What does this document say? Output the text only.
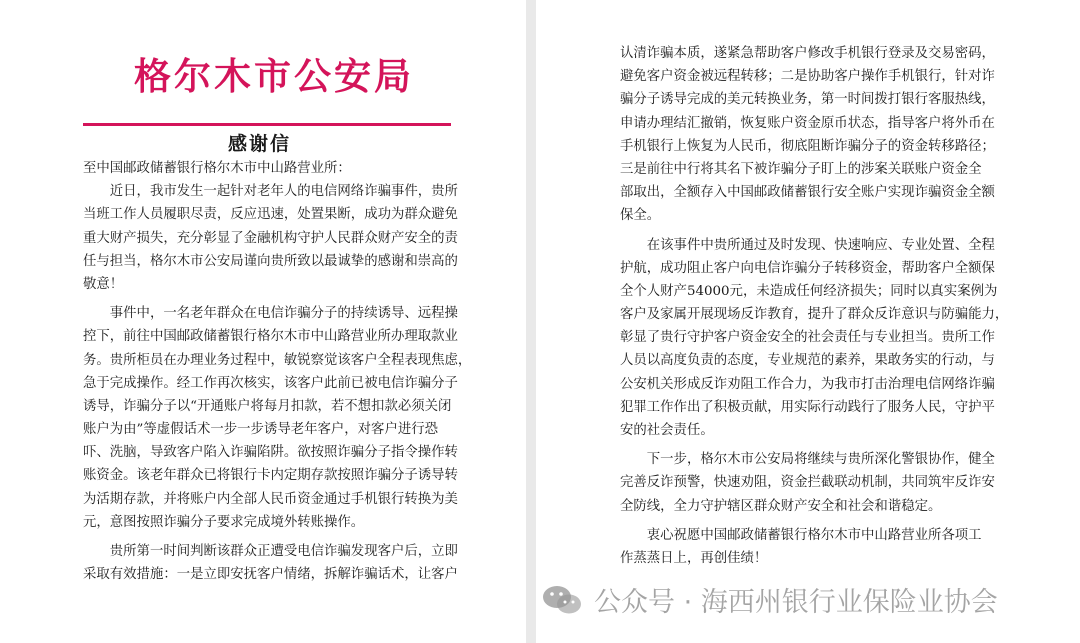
格尔木市公安局
感谢信
至中国邮政储蓄银行格尔木市中山路营业所：
　　近日，我市发生一起针对老年人的电信网络诈骗事件，贵所
当班工作人员履职尽责，反应迅速，处置果断，成功为群众避免
重大财产损失，充分彰显了金融机构守护人民群众财产安全的责
任与担当，格尔木市公安局谨向贵所致以最诚挚的感谢和崇高的
敬意！
　　事件中，一名老年群众在电信诈骗分子的持续诱导、远程操
控下，前往中国邮政储蓄银行格尔木市中山路营业所办理取款业
务。贵所柜员在办理业务过程中，敏锐察觉该客户全程表现焦虑，
急于完成操作。经工作再次核实，该客户此前已被电信诈骗分子
诱导，诈骗分子以“开通账户将每月扣款，若不想扣款必须关闭
账户为由”等虚假话术一步一步诱导老年客户，对客户进行恐
吓、洗脑，导致客户陷入诈骗陷阱。欲按照诈骗分子指令操作转
账资金。该老年群众已将银行卡内定期存款按照诈骗分子诱导转
为活期存款，并将账户内全部人民币资金通过手机银行转换为美
元，意图按照诈骗分子要求完成境外转账操作。
　　贵所第一时间判断该群众正遭受电信诈骗发现客户后，立即
采取有效措施：一是立即安抚客户情绪，拆解诈骗话术，让客户
认清诈骗本质，遂紧急帮助客户修改手机银行登录及交易密码，
避免客户资金被远程转移；二是协助客户操作手机银行，针对诈
骗分子诱导完成的美元转换业务，第一时间拨打银行客服热线，
申请办理结汇撤销，恢复账户资金原币状态，指导客户将外币在
手机银行上恢复为人民币，彻底阻断诈骗分子的资金转移路径；
三是前往中行将其名下被诈骗分子盯上的涉案关联账户资金全
部取出，全额存入中国邮政储蓄银行安全账户实现诈骗资金全额
保全。
　　在该事件中贵所通过及时发现、快速响应、专业处置、全程
护航，成功阻止客户向电信诈骗分子转移资金，帮助客户全额保
全个人财产54000元，未造成任何经济损失；同时以真实案例为
客户及家属开展现场反诈教育，提升了群众反诈意识与防骗能力，
彰显了贵行守护客户资金安全的社会责任与专业担当。贵所工作
人员以高度负责的态度，专业规范的素养，果敢务实的行动，与
公安机关形成反诈劝阻工作合力，为我市打击治理电信网络诈骗
犯罪工作作出了积极贡献，用实际行动践行了服务人民，守护平
安的社会责任。
　　下一步，格尔木市公安局将继续与贵所深化警银协作，健全
完善反诈预警，快速劝阻，资金拦截联动机制，共同筑牢反诈安
全防线，全力守护辖区群众财产安全和社会和谐稳定。
　　衷心祝愿中国邮政储蓄银行格尔木市中山路营业所各项工
作蒸蒸日上，再创佳绩！
公众号 · 海西州银行业保险业协会
